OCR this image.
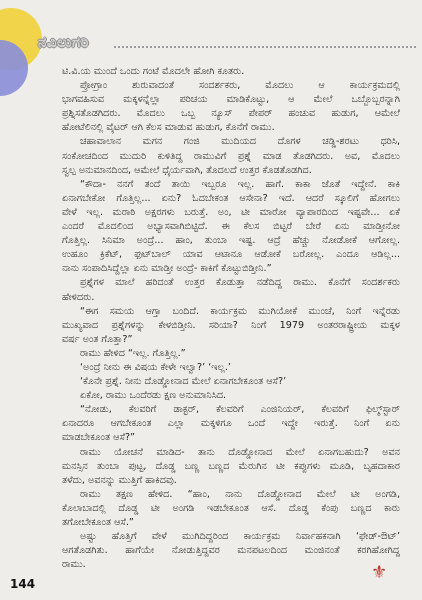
ನವಿಲುಗರಿ
ಟಿ.ವಿ.ಯ ಮುಂದೆ ಒಂದು ಗಂಟೆ ಮೊದಲೇ ಹೋಗಿ ಕೂತರು.
ಪ್ರೋಗ್ರಾಂ ಶುರುವಾದಂತೆ ಸಂದರ್ಶಕರು, ಮೊದಲು ಆ ಕಾರ್ಯಕ್ರಮದಲ್ಲಿ
ಭಾಗವಹಿಸುವ ಮಕ್ಕಳನ್ನೆಲ್ಲಾ ಪರಿಚಯ ಮಾಡಿಕೊಟ್ಟು, ಆ ಮೇಲೆ ಒಬ್ಬೊಬ್ಬರನ್ನಾಗಿ
ಪ್ರಶ್ನಿಸತೊಡಗಿದರು. ಮೊದಲು ಒಬ್ಬ ನ್ಯೂಸ್ ಪೇಪರ್ ಹಂಚುವ ಹುಡುಗ, ಆಮೇಲೆ
ಹೋಟೆಲಿನಲ್ಲಿ ವೈಟರ್ ಆಗಿ ಕೆಲಸ ಮಾಡುವ ಹುಡುಗ, ಕೊನೆಗೆ ರಾಮು.
ಚಹಾವಾಲಾನ ಮಗನ ಗಂಜಿ ಮುದಿಯದ ದೊಗಳ ಚಡ್ಡಿ-ಶರಟು ಧರಿಸಿ,
ಸಂಕೋಚದಿಂದ ಮುದುರಿ ಕುಳಿತಿದ್ದ ರಾಮುವಿಗೆ ಪ್ರಶ್ನೆ ಮಾಡ ತೊಡಗಿದರು. ಅವ, ಮೊದಲು
ಸ್ವಲ್ಪ ಅನುಮಾನದಿಂದ, ಆಮೇಲೆ ಧೈರ್ಯವಾಗಿ, ತೊದಲದೆ ಉತ್ತರ ಕೊಡತೊಡಗಿದ.
“ಕೌದಾ- ನನಗೆ ತಂದೆ ತಾಯಿ ಇಬ್ಬರೂ ಇಲ್ಲ. ಹಾಗೆ. ಕಾಕಾ ಜೊತೆ ಇದ್ದೇನೆ. ಕಾಕಿ
ಏನಾಗಬೇಕೋ ಗೊತ್ತಿಲ್ಲ... ಏನು? ಓದಬೇಕಂತ ಆಸೇನಾ? ಇದೆ. ಆದರೆ ಸ್ಕೂಲಿಗೆ ಹೋಗಲು
ವೇಳೆ ಇಲ್ಲ. ಮರಾಠಿ ಅಕ್ಷರಗಳು ಬರುತ್ತೆ. ಅಂ, ಟೀ ಮಾರೋ ವ್ಯಾಪಾರದಿಂದ ಇಷ್ಟವೇ... ಏಕೆ
ಎಂದರೆ ಮೊದಲಿಂದ ಅಭ್ಯಾಸವಾಗಿಬಿಟ್ಟಿದೆ. ಈ ಕೆಲಸ ಬಿಟ್ಟರೆ ಬೇರೆ ಏನು ಮಾಡ್ತೀನೋ
ಗೊತ್ತಿಲ್ಲ. ಸಿನಿಮಾ ಅಂದ್ರೆ... ಹಾಂ, ತುಂಬಾ ಇಷ್ಟ. ಆದ್ರೆ ಹೆಚ್ಚು ನೋಡೋಕೆ ಆಗೋಲ್ಲ.
ಉಹೂಂ ಕ್ರಿಕೆಟ್, ಫುಟ್‌ಬಾಲ್ ಯಾವ ಆಟಾನೂ ಆಡೋಕೆ ಬರೋಲ್ಲ. ಎಂದೂ ಆಡಿಲ್ಲ...
ನಾನು ಸಂಪಾದಿಸಿದ್ದೆಲ್ಲಾ ಏನು ಮಾಡ್ತೀ ಅಂದ್ರೆ- ಕಾಕಿಗೆ ಕೊಟ್ಟುಬಿಡ್ತೀನಿ.”
ಪ್ರಶ್ನೆಗಳ ಮಾಲೆ ಹರಿದಂತೆ ಉತ್ತರ ಕೊಡುತ್ತಾ ನಡೆದಿದ್ದ ರಾಮು. ಕೊನೆಗೆ ಸಂದರ್ಶಕರು
ಹೇಳಿದರು.
“ಈಗ ಸಮಯ ಆಗ್ತಾ ಬಂದಿದೆ. ಕಾರ್ಯಕ್ರಮ ಮುಗಿಯೋಕೆ ಮುಂಚೆ, ನಿಂಗೆ ಇನ್ನೆರಡು
ಮುಖ್ಯವಾದ ಪ್ರಶ್ನೆಗಳನ್ನು ಕೇಳಬಿಡ್ತೀನಿ. ಸರಿಯಾ? ನಿಂಗೆ 1979 ಅಂತರರಾಷ್ಟ್ರೀಯ ಮಕ್ಕಳ
ವರ್ಷ ಅಂತ ಗೊತ್ತಾ?”
ರಾಮು ಹೇಳಿದ “ಇಲ್ಲ. ಗೊತ್ತಿಲ್ಲ.”
‘ಅಂದ್ರೆ ನೀನು ಈ ವಿಷಯ ಕೇಳೇ ಇಲ್ವಾ?’ ‘ಇಲ್ಲ.’
‘ಕೊನೇ ಪ್ರಶ್ನೆ. ನೀನು ದೊಡ್ಡೋನಾದ ಮೇಲೆ ಏನಾಗಬೇಕೂಂತ ಆಸೆ?’
ಏಕೋ, ರಾಮು ಒಂದೆರಡು ಕ್ಷಣ ಅನುಮಾನಿಸಿದ.
“ನೋಡು, ಕೆಲವರಿಗೆ ಡಾಕ್ಟರ್, ಕೆಲವರಿಗೆ ಎಂಜಿನಿಯರ್, ಕೆಲವರಿಗೆ ಫಿಲ್ಮ್‌ಸ್ಟಾರ್
ಏನಾದರೂ ಆಗಬೇಕೂಂತ ಎಲ್ಲಾ ಮಕ್ಕಳಿಗೂ ಒಂದೆ ಇದ್ದೇ ಇರುತ್ತೆ. ನಿಂಗೆ ಏನು
ಮಾಡಬೇಕೂಂತ ಆಸೆ?”
ರಾಮು ಯೋಚನೆ ಮಾಡಿದ- ತಾನು ದೊಡ್ಡೋನಾದ ಮೇಲೆ ಏನಾಗಬಹುದು? ಅವನ
ಮನಸ್ಸಿನ ತುಂಬಾ ಪುಟ್ಟ, ದೊಡ್ಡ ಬಣ್ಣ ಬಣ್ಣದ ಮೆರುಗಿನ ಟೀ ಕಪ್ಪುಗಳು ಮೂಡಿ, ಬೃಹದಾಕಾರ
ತಳೆದು, ಅವನನ್ನು ಮುತ್ತಿಗೆ ಹಾಕಿದವು.
ರಾಮು ತಕ್ಷಣ ಹೇಳಿದ. “ಹಾಂ, ನಾನು ದೊಡ್ಡೋನಾದ ಮೇಲೆ ಟೀ ಅಂಗಡಿ,
ಕೊಲಾಬಾದಲ್ಲಿ ದೊಡ್ಡ ಟೀ ಅಂಗಡಿ ಇಡಬೇಕೂಂತ ಆಸೆ. ದೊಡ್ಡ ಕೆಂಪು ಬಣ್ಣದ ಕಾರು
ತಗೋಬೇಕೂಂತ ಆಸೆ.”
ಅಷ್ಟು ಹೊತ್ತಿಗೆ ವೇಳೆ ಮುಗಿದಿದ್ದರಿಂದ ಕಾರ್ಯಕ್ರಮ ನಿರ್ವಾಹಕನಾಗಿ ‘ಫೇಡ್-ಔಟ್’
ಆಗತೊಡಗಿತು. ಹಾಗೆಯೇ ನೋಡುತ್ತಿದ್ದವರ ಮನಪಟಲದಿಂದ ಮಂಜಿನಂತೆ ಕರಗಿಹೋಗಿದ್ದ
ರಾಮು.
144
⚜
